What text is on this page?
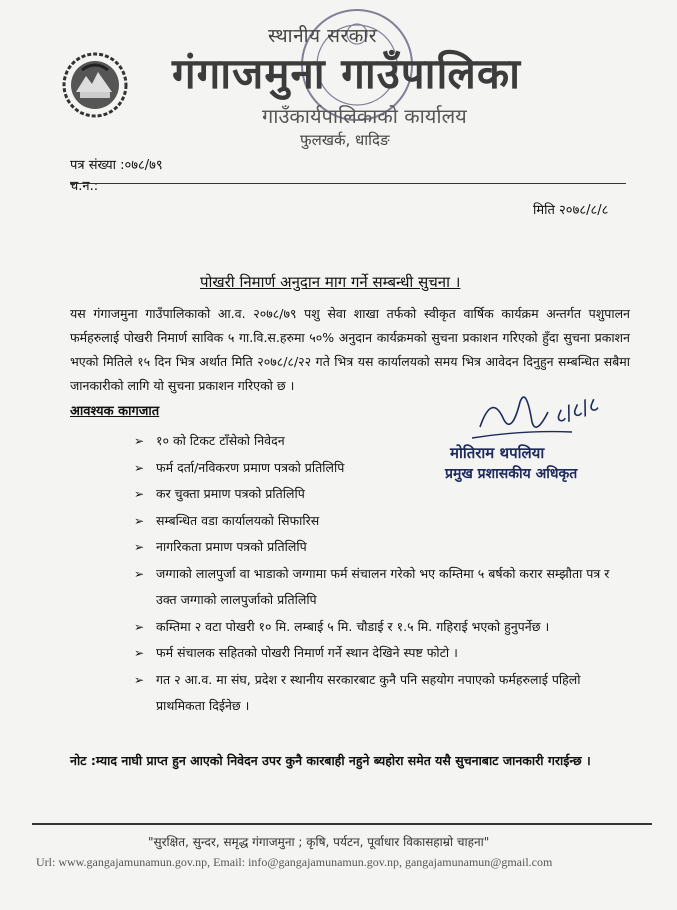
स्थानीय सरकार
गंगाजमुना गाउँपालिका
गाउँकार्यपालिकाको कार्यालय
फुलखर्क, धादिङ
पत्र संख्या :०७८/७९
च.न.:
मिति २०७८/८/८
पोखरी निमार्ण अनुदान माग गर्ने सम्बन्धी सुचना ।
यस गंगाजमुना गाउँपालिकाको आ.व. २०७८/७९ पशु सेवा शाखा तर्फको स्वीकृत वार्षिक कार्यक्रम अन्तर्गत पशुपालन फर्महरुलाई पोखरी निमार्ण साविक ५ गा.वि.स.हरुमा ५०% अनुदान कार्यक्रमको सुचना प्रकाशन गरिएको हुँदा सुचना प्रकाशन भएको मितिले १५ दिन भित्र अर्थात मिति २०७८/८/२२ गते भित्र यस कार्यालयको समय भित्र आवेदन दिनुहुन सम्बन्धित सबैमा जानकारीको लागि यो सुचना प्रकाशन गरिएको छ ।
आवश्यक कागजात
➢ १० को टिकट टाँसेको निवेदन
➢ फर्म दर्ता/नविकरण प्रमाण पत्रको प्रतिलिपि
➢ कर चुक्ता प्रमाण पत्रको प्रतिलिपि
➢ सम्बन्धित वडा कार्यालयको सिफारिस
➢ नागरिकता प्रमाण पत्रको प्रतिलिपि
➢ जग्गाको लालपुर्जा वा भाडाको जग्गामा फर्म संचालन गरेको भए कम्तिमा ५ बर्षको करार सम्झौता पत्र र उक्त जग्गाको लालपुर्जाको प्रतिलिपि
➢ कम्तिमा २ वटा पोखरी १० मि. लम्बाई ५ मि. चौडाई र १.५ मि. गहिराई भएको हुनुपर्नेछ ।
➢ फर्म संचालक सहितको पोखरी निमार्ण गर्ने स्थान देखिने स्पष्ट फोटो ।
➢ गत २ आ.व. मा संघ, प्रदेश र स्थानीय सरकारबाट कुनै पनि सहयोग नपाएको फर्महरुलाई पहिलो प्राथमिकता दिईनेछ ।
८/८/८
मोतिराम थपलिया
प्रमुख प्रशासकीय अधिकृत
नोट :म्याद नाघी प्राप्त हुन आएको निवेदन उपर कुनै कारबाही नहुने ब्यहोरा समेत यसै सुचनाबाट जानकारी गराईन्छ ।
"सुरक्षित, सुन्दर, समृद्ध गंगाजमुना ; कृषि, पर्यटन, पूर्वाधार विकासहाम्रो चाहना"
Url: www.gangajamunamun.gov.np, Email: info@gangajamunamun.gov.np, gangajamunamun@gmail.com
